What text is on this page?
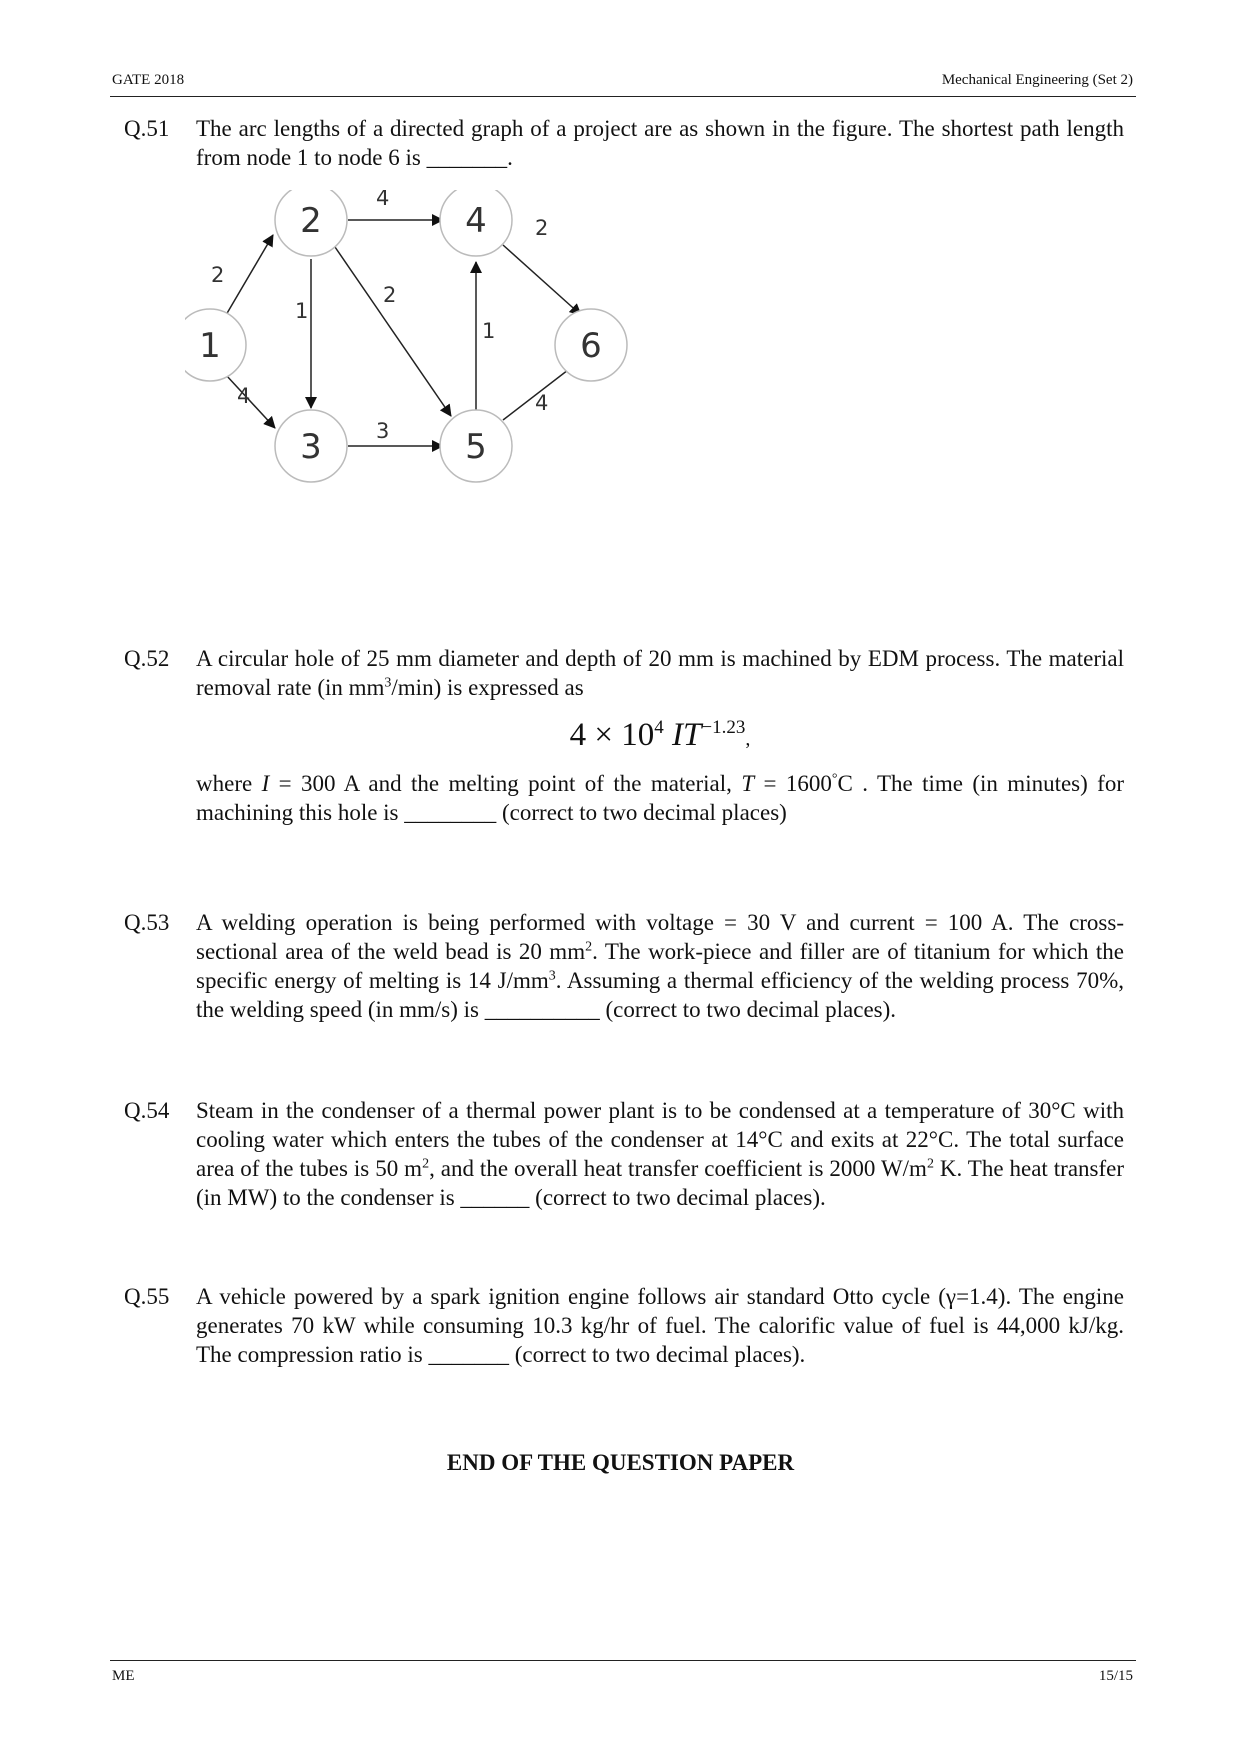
GATE 2018	Mechanical Engineering (Set 2)
Q.51	The arc lengths of a directed graph of a project are as shown in the figure. The shortest path length from node 1 to node 6 is _______.
2
4
4
1
2
3
1
2
4
1
2
3
4
5
6
Q.52	A circular hole of 25 mm diameter and depth of 20 mm is machined by EDM process. The material removal rate (in $mm^3/\min$) is expressed as

$4 \times 10^4$ $IT^{-1.23}$,

where I = 300 A and the melting point of the material, T = 1600°C . The time (in minutes) for machining this hole is ________ (correct to two decimal places)

Q.53	A welding operation is being performed with voltage = 30 V and current = 100 A. The cross-sectional area of the weld bead is 20 $mm^2$. The work-piece and filler are of titanium for which the specific energy of melting is 14 $J/mm^3$. Assuming a thermal efficiency of the welding process 70%, the welding speed (in mm/s) is __________ (correct to two decimal places).

Q.54	Steam in the condenser of a thermal power plant is to be condensed at a temperature of 30°C with cooling water which enters the tubes of the condenser at 14°C and exits at 22°C. The total surface area of the tubes is 50 $m^2$, and the overall heat transfer coefficient is 2000 $W/m^2$ K. The heat transfer (in MW) to the condenser is ______ (correct to two decimal places).

Q.55	A vehicle powered by a spark ignition engine follows air standard Otto cycle (γ=1.4). The engine generates 70 kW while consuming 10.3 kg/hr of fuel. The calorific value of fuel is 44,000 kJ/kg. The compression ratio is _______ (correct to two decimal places).
END OF THE QUESTION PAPER
ME	15/15
